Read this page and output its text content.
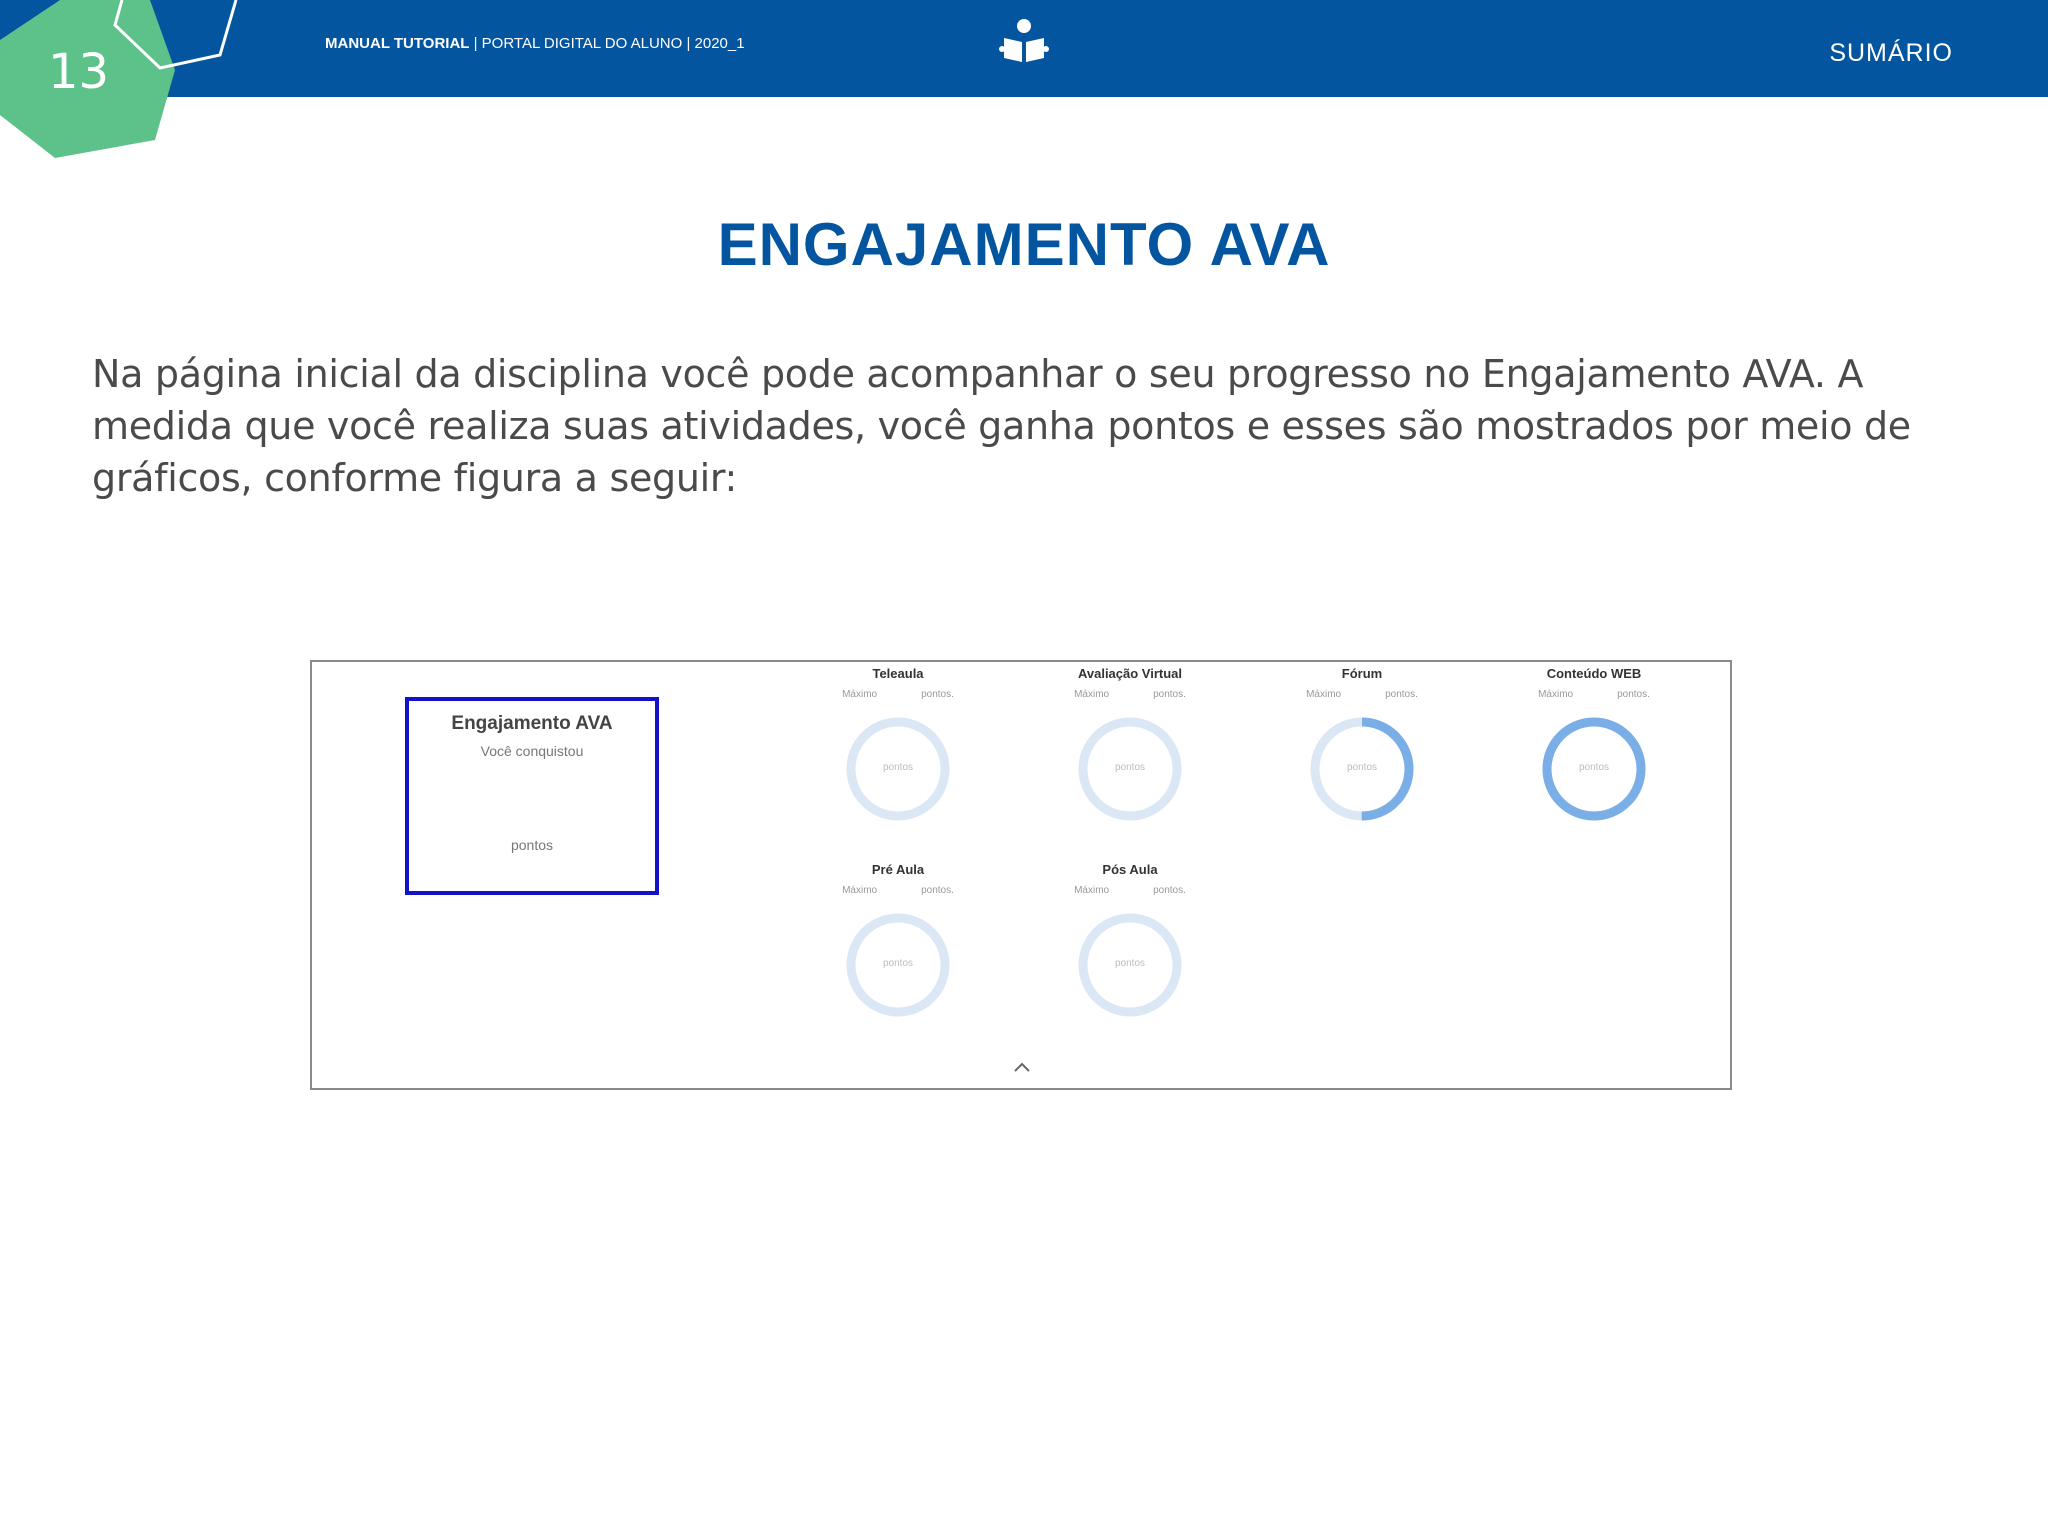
13
MANUAL TUTORIAL | PORTAL DIGITAL DO ALUNO | 2020_1	SUMÁRIO
ENGAJAMENTO AVA
Na página inicial da disciplina você pode acompanhar o seu progresso no Engajamento AVA. A medida que você realiza suas atividades, você ganha pontos e esses são mostrados por meio de gráficos, conforme figura a seguir:
Engajamento AVA
Você conquistou
pontos
Teleaula
Máximo	pontos.
pontos
Avaliação Virtual
Máximo	pontos.
pontos
Fórum
Máximo	pontos.
pontos
Conteúdo WEB
Máximo	pontos.
pontos
Pré Aula
Máximo	pontos.
pontos
Pós Aula
Máximo	pontos.
pontos
